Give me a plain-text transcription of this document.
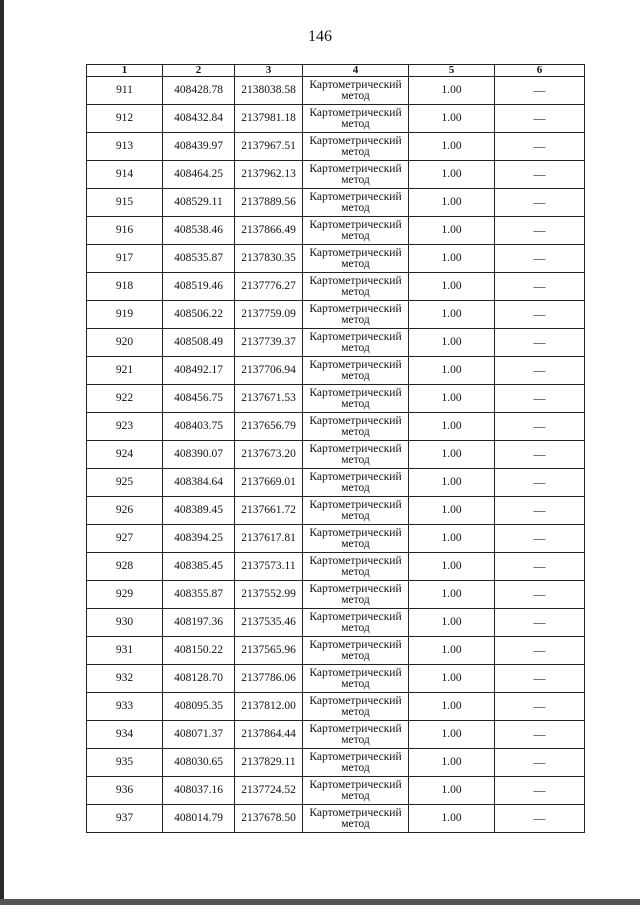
146
1	2	3	4	5	6
911	408428.78	2138038.58	Картометрический метод	1.00	—
912	408432.84	2137981.18	Картометрический метод	1.00	—
913	408439.97	2137967.51	Картометрический метод	1.00	—
914	408464.25	2137962.13	Картометрический метод	1.00	—
915	408529.11	2137889.56	Картометрический метод	1.00	—
916	408538.46	2137866.49	Картометрический метод	1.00	—
917	408535.87	2137830.35	Картометрический метод	1.00	—
918	408519.46	2137776.27	Картометрический метод	1.00	—
919	408506.22	2137759.09	Картометрический метод	1.00	—
920	408508.49	2137739.37	Картометрический метод	1.00	—
921	408492.17	2137706.94	Картометрический метод	1.00	—
922	408456.75	2137671.53	Картометрический метод	1.00	—
923	408403.75	2137656.79	Картометрический метод	1.00	—
924	408390.07	2137673.20	Картометрический метод	1.00	—
925	408384.64	2137669.01	Картометрический метод	1.00	—
926	408389.45	2137661.72	Картометрический метод	1.00	—
927	408394.25	2137617.81	Картометрический метод	1.00	—
928	408385.45	2137573.11	Картометрический метод	1.00	—
929	408355.87	2137552.99	Картометрический метод	1.00	—
930	408197.36	2137535.46	Картометрический метод	1.00	—
931	408150.22	2137565.96	Картометрический метод	1.00	—
932	408128.70	2137786.06	Картометрический метод	1.00	—
933	408095.35	2137812.00	Картометрический метод	1.00	—
934	408071.37	2137864.44	Картометрический метод	1.00	—
935	408030.65	2137829.11	Картометрический метод	1.00	—
936	408037.16	2137724.52	Картометрический метод	1.00	—
937	408014.79	2137678.50	Картометрический метод	1.00	—
